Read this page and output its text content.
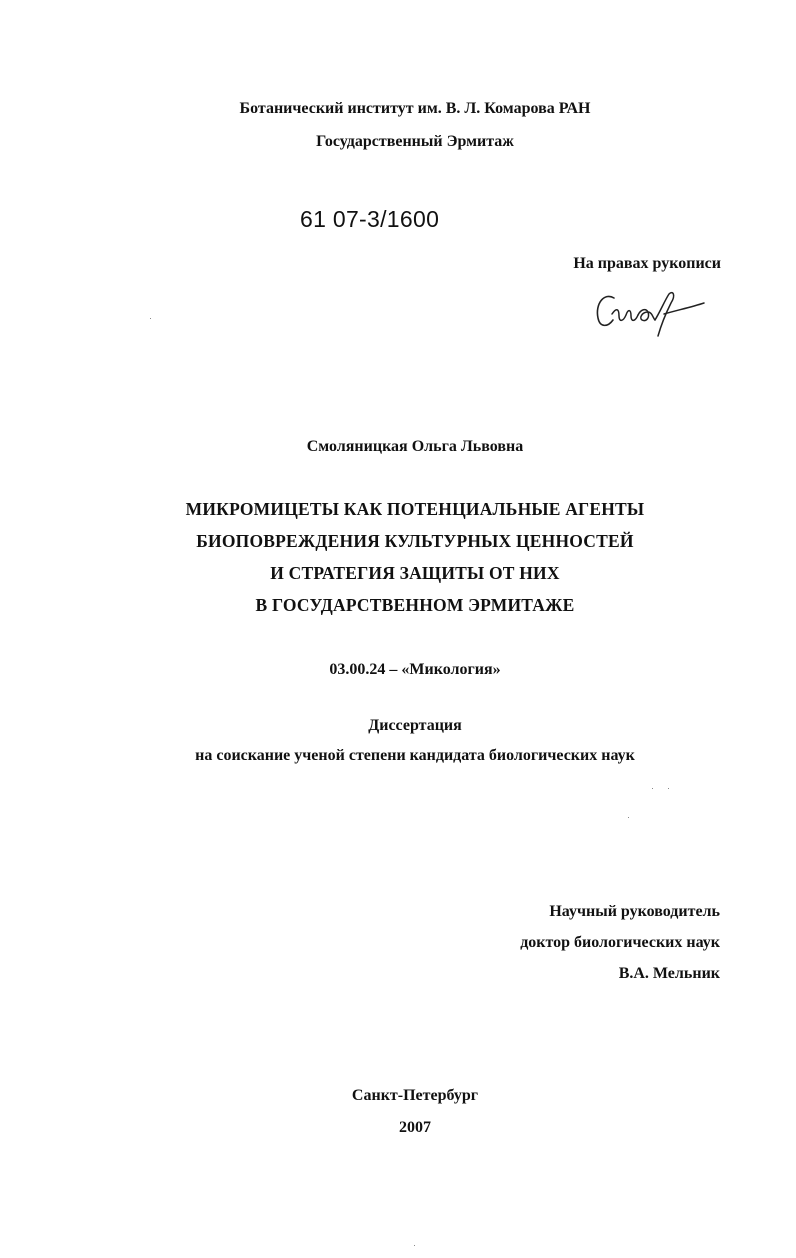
Ботанический институт им. В. Л. Комарова РАН
Государственный Эрмитаж
61 07-3/1600
На правах рукописи
Смоляницкая Ольга Львовна
МИКРОМИЦЕТЫ КАК ПОТЕНЦИАЛЬНЫЕ АГЕНТЫ
БИОПОВРЕЖДЕНИЯ КУЛЬТУРНЫХ ЦЕННОСТЕЙ
И СТРАТЕГИЯ ЗАЩИТЫ ОТ НИХ
В ГОСУДАРСТВЕННОМ ЭРМИТАЖЕ
03.00.24 – «Микология»
Диссертация
на соискание ученой степени кандидата биологических наук
Научный руководитель
доктор биологических наук
В.А. Мельник
Санкт-Петербург
2007
